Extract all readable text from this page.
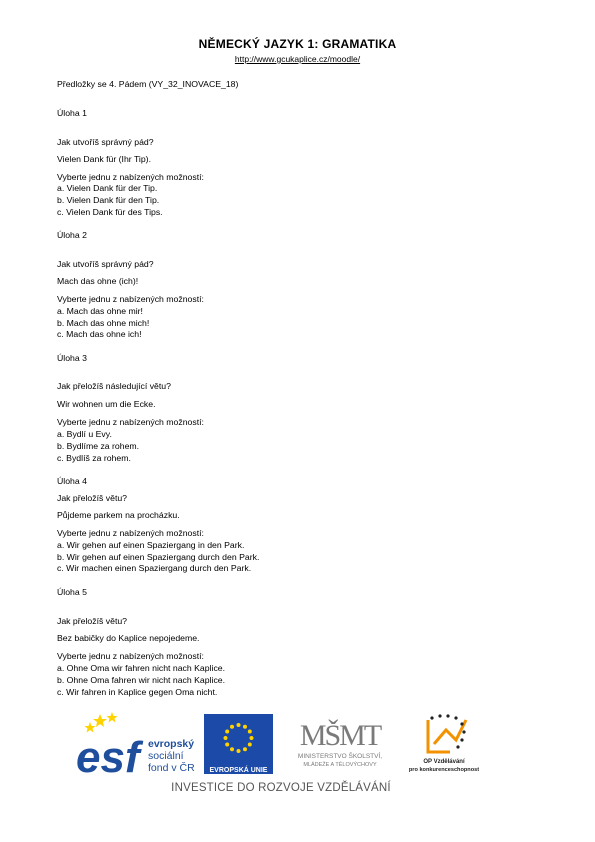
NĚMECKÝ JAZYK 1: GRAMATIKA
http://www.gcukaplice.cz/moodle/
Předložky se 4. Pádem (VY_32_INOVACE_18)
Úloha 1
Jak utvoříš správný pád?
Vielen Dank für (Ihr Tip).
Vyberte jednu z nabízených možností:
a. Vielen Dank für der Tip.
b. Vielen Dank für den Tip.
c. Vielen Dank für des Tips.
Úloha 2
Jak utvoříš správný pád?
Mach das ohne (ich)!
Vyberte jednu z nabízených možností:
a. Mach das ohne mir!
b. Mach das ohne mich!
c. Mach das ohne ich!
Úloha 3
Jak přeložíš následující větu?
Wir wohnen um die Ecke.
Vyberte jednu z nabízených možností:
a. Bydlí u Evy.
b. Bydlíme za rohem.
c. Bydlíš za rohem.
Úloha 4
Jak přeložíš větu?
Půjdeme parkem na procházku.
Vyberte jednu z nabízených možností:
a. Wir gehen auf einen Spaziergang in den Park.
b. Wir gehen auf einen Spaziergang durch den Park.
c. Wir machen einen Spaziergang durch den Park.
Úloha 5
Jak přeložíš větu?
Bez babičky do Kaplice nepojedeme.
Vyberte jednu z nabízených možností:
a. Ohne Oma wir fahren nicht nach Kaplice.
b. Ohne Oma fahren wir nicht nach Kaplice.
c. Wir fahren in Kaplice gegen Oma nicht.
esf evropský
sociální
fond v ČR EVROPSKÁ UNIE
MŠMT
MINISTERSTVO ŠKOLSTVÍ,
MLÁDEŽE A TĚLOVÝCHOVY	OP Vzdělávání
pro konkurenceschopnost
INVESTICE DO ROZVOJE VZDĚLÁVÁNÍ
